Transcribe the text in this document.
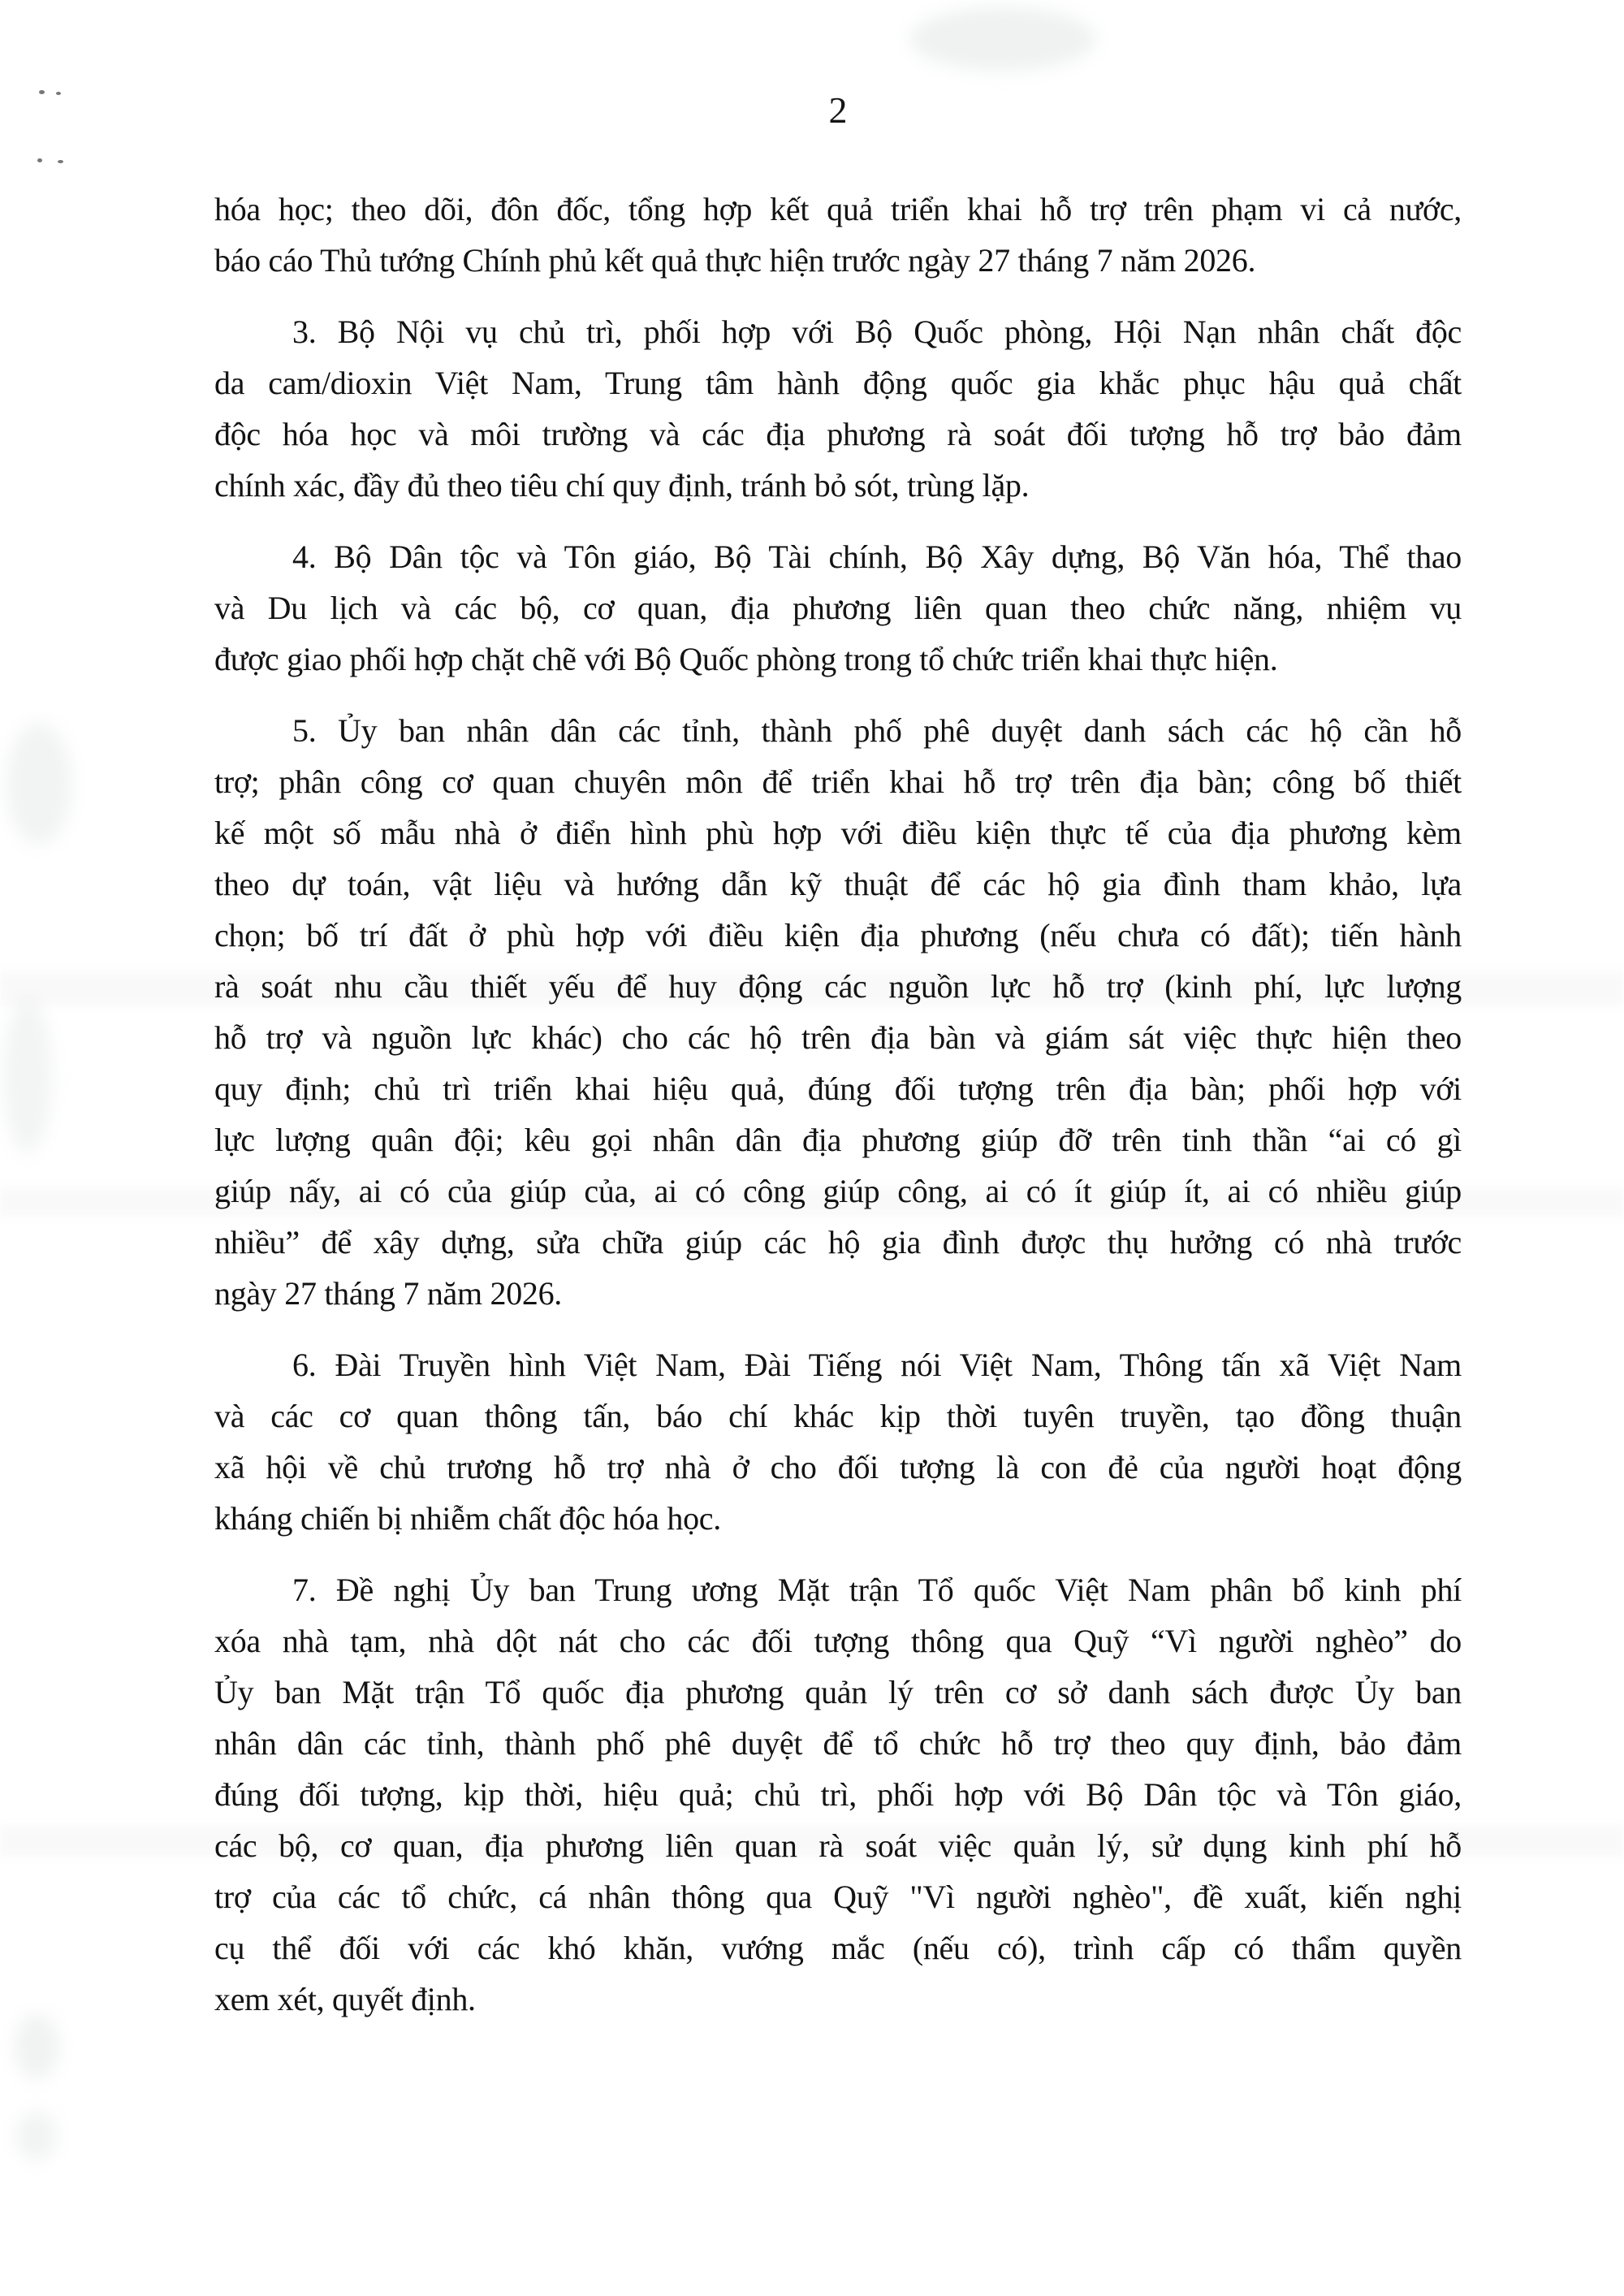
2
hóa học; theo dõi, đôn đốc, tổng hợp kết quả triển khai hỗ trợ trên phạm vi cả nước,
báo cáo Thủ tướng Chính phủ kết quả thực hiện trước ngày 27 tháng 7 năm 2026.
3. Bộ Nội vụ chủ trì, phối hợp với Bộ Quốc phòng, Hội Nạn nhân chất độc
da cam/dioxin Việt Nam, Trung tâm hành động quốc gia khắc phục hậu quả chất
độc hóa học và môi trường và các địa phương rà soát đối tượng hỗ trợ bảo đảm
chính xác, đầy đủ theo tiêu chí quy định, tránh bỏ sót, trùng lặp.
4. Bộ Dân tộc và Tôn giáo, Bộ Tài chính, Bộ Xây dựng, Bộ Văn hóa, Thể thao
và Du lịch và các bộ, cơ quan, địa phương liên quan theo chức năng, nhiệm vụ
được giao phối hợp chặt chẽ với Bộ Quốc phòng trong tổ chức triển khai thực hiện.
5. Ủy ban nhân dân các tỉnh, thành phố phê duyệt danh sách các hộ cần hỗ
trợ; phân công cơ quan chuyên môn để triển khai hỗ trợ trên địa bàn; công bố thiết
kế một số mẫu nhà ở điển hình phù hợp với điều kiện thực tế của địa phương kèm
theo dự toán, vật liệu và hướng dẫn kỹ thuật để các hộ gia đình tham khảo, lựa
chọn; bố trí đất ở phù hợp với điều kiện địa phương (nếu chưa có đất); tiến hành
rà soát nhu cầu thiết yếu để huy động các nguồn lực hỗ trợ (kinh phí, lực lượng
hỗ trợ và nguồn lực khác) cho các hộ trên địa bàn và giám sát việc thực hiện theo
quy định; chủ trì triển khai hiệu quả, đúng đối tượng trên địa bàn; phối hợp với
lực lượng quân đội; kêu gọi nhân dân địa phương giúp đỡ trên tinh thần “ai có gì
giúp nấy, ai có của giúp của, ai có công giúp công, ai có ít giúp ít, ai có nhiều giúp
nhiều” để xây dựng, sửa chữa giúp các hộ gia đình được thụ hưởng có nhà trước
ngày 27 tháng 7 năm 2026.
6. Đài Truyền hình Việt Nam, Đài Tiếng nói Việt Nam, Thông tấn xã Việt Nam
và các cơ quan thông tấn, báo chí khác kịp thời tuyên truyền, tạo đồng thuận
xã hội về chủ trương hỗ trợ nhà ở cho đối tượng là con đẻ của người hoạt động
kháng chiến bị nhiễm chất độc hóa học.
7. Đề nghị Ủy ban Trung ương Mặt trận Tổ quốc Việt Nam phân bổ kinh phí
xóa nhà tạm, nhà dột nát cho các đối tượng thông qua Quỹ “Vì người nghèo” do
Ủy ban Mặt trận Tổ quốc địa phương quản lý trên cơ sở danh sách được Ủy ban
nhân dân các tỉnh, thành phố phê duyệt để tổ chức hỗ trợ theo quy định, bảo đảm
đúng đối tượng, kịp thời, hiệu quả; chủ trì, phối hợp với Bộ Dân tộc và Tôn giáo,
các bộ, cơ quan, địa phương liên quan rà soát việc quản lý, sử dụng kinh phí hỗ
trợ của các tổ chức, cá nhân thông qua Quỹ "Vì người nghèo", đề xuất, kiến nghị
cụ thể đối với các khó khăn, vướng mắc (nếu có), trình cấp có thẩm quyền
xem xét, quyết định.
